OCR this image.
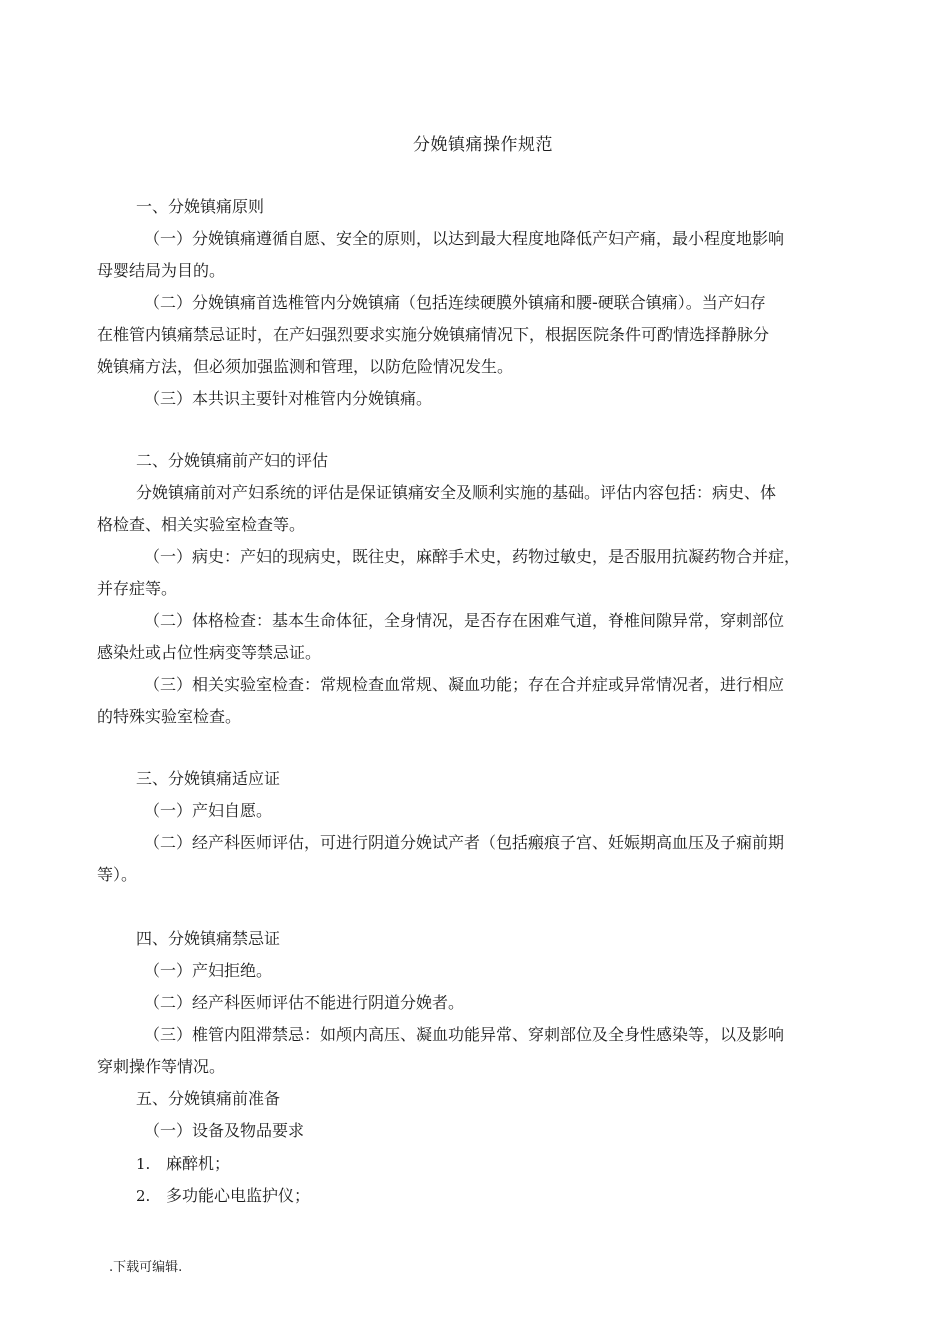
分娩镇痛操作规范
一、分娩镇痛原则
（一）分娩镇痛遵循自愿、安全的原则，以达到最大程度地降低产妇产痛，最小程度地影响
母婴结局为目的。
（二）分娩镇痛首选椎管内分娩镇痛（包括连续硬膜外镇痛和腰-硬联合镇痛）。当产妇存
在椎管内镇痛禁忌证时，在产妇强烈要求实施分娩镇痛情况下，根据医院条件可酌情选择静脉分
娩镇痛方法，但必须加强监测和管理，以防危险情况发生。
（三）本共识主要针对椎管内分娩镇痛。
二、分娩镇痛前产妇的评估
分娩镇痛前对产妇系统的评估是保证镇痛安全及顺利实施的基础。评估内容包括：病史、体
格检查、相关实验室检查等。
（一）病史：产妇的现病史，既往史，麻醉手术史，药物过敏史，是否服用抗凝药物合并症，
并存症等。
（二）体格检查：基本生命体征，全身情况，是否存在困难气道，脊椎间隙异常，穿刺部位
感染灶或占位性病变等禁忌证。
（三）相关实验室检查：常规检查血常规、凝血功能；存在合并症或异常情况者，进行相应
的特殊实验室检查。
三、分娩镇痛适应证
（一）产妇自愿。
（二）经产科医师评估，可进行阴道分娩试产者（包括瘢痕子宫、妊娠期高血压及子痫前期
等）。
四、分娩镇痛禁忌证
（一）产妇拒绝。
（二）经产科医师评估不能进行阴道分娩者。
（三）椎管内阻滞禁忌：如颅内高压、凝血功能异常、穿刺部位及全身性感染等，以及影响
穿刺操作等情况。
五、分娩镇痛前准备
（一）设备及物品要求
1. 麻醉机；
2. 多功能心电监护仪；
.下载可编辑.
